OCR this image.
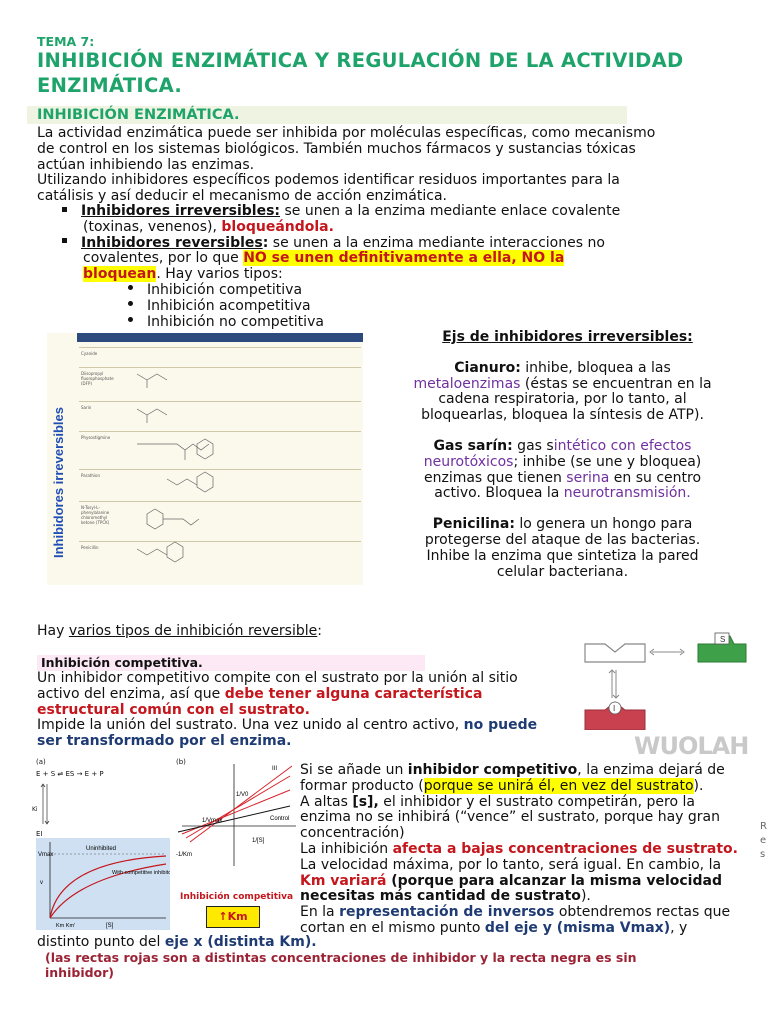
TEMA 7:
INHIBICIÓN ENZIMÁTICA Y REGULACIÓN DE LA ACTIVIDAD
ENZIMÁTICA.
INHIBICIÓN ENZIMÁTICA.
La actividad enzimática puede ser inhibida por moléculas específicas, como mecanismo
de control en los sistemas biológicos. También muchos fármacos y sustancias tóxicas
actúan inhibiendo las enzimas.
Utilizando inhibidores específicos podemos identificar residuos importantes para la
catálisis y así deducir el mecanismo de acción enzimática.
Inhibidores irreversibles: se unen a la enzima mediante enlace covalente
(toxinas, venenos), bloqueándola.
Inhibidores reversibles: se unen a la enzima mediante interacciones no
covalentes, por lo que NO se unen definitivamente a ella, NO la
bloquean. Hay varios tipos:
Inhibición competitiva
Inhibición acompetitiva
Inhibición no competitiva
Inhibidores irreversibles
Cyanide
Diisopropyl fluorophosphate (DFP)
Sarin
Physostigmine
Parathion
N-Tosyl-L-phenylalanine chloromethyl ketone (TPCK)
Penicillin
Ejs de inhibidores irreversibles:
Cianuro: inhibe, bloquea a las
metaloenzimas (éstas se encuentran en la
cadena respiratoria, por lo tanto, al
bloquearlas, bloquea la síntesis de ATP).
Gas sarín: gas sintético con efectos
neurotóxicos; inhibe (se une y bloquea)
enzimas que tienen serina en su centro
activo. Bloquea la neurotransmisión.
Penicilina: lo genera un hongo para
protegerse del ataque de las bacterias.
Inhibe la enzima que sintetiza la pared
celular bacteriana.
Hay varios tipos de inhibición reversible:
Inhibición competitiva.
Un inhibidor competitivo compite con el sustrato por la unión al sitio
activo del enzima, así que debe tener alguna característica
estructural común con el sustrato.
Impide la unión del sustrato. Una vez unido al centro activo, no puede
ser transformado por el enzima.
S
I
WUOLAH
(a)	(b)
E + S ⇌ ES → E + P
Ki
EI
1/V0
1/[S]
Control
III
-1/Km
1/Vmax
Uninhibited
With competitive inhibitor
Vmax
v
Km Km'	[S]
Inhibición competitiva
↑Km
Si se añade un inhibidor competitivo, la enzima dejará de
formar producto (porque se unirá él, en vez del sustrato).
A altas [s], el inhibidor y el sustrato competirán, pero la
enzima no se inhibirá (“vence” el sustrato, porque hay gran
concentración)
La inhibición afecta a bajas concentraciones de sustrato.
La velocidad máxima, por lo tanto, será igual. En cambio, la
Km variará (porque para alcanzar la misma velocidad
necesitas más cantidad de sustrato).
En la representación de inversos obtendremos rectas que
cortan en el mismo punto del eje y (misma Vmax), y
distinto punto del eje x (distinta Km).
(las rectas rojas son a distintas concentraciones de inhibidor y la recta negra es sin
inhibidor)
R
e
s
